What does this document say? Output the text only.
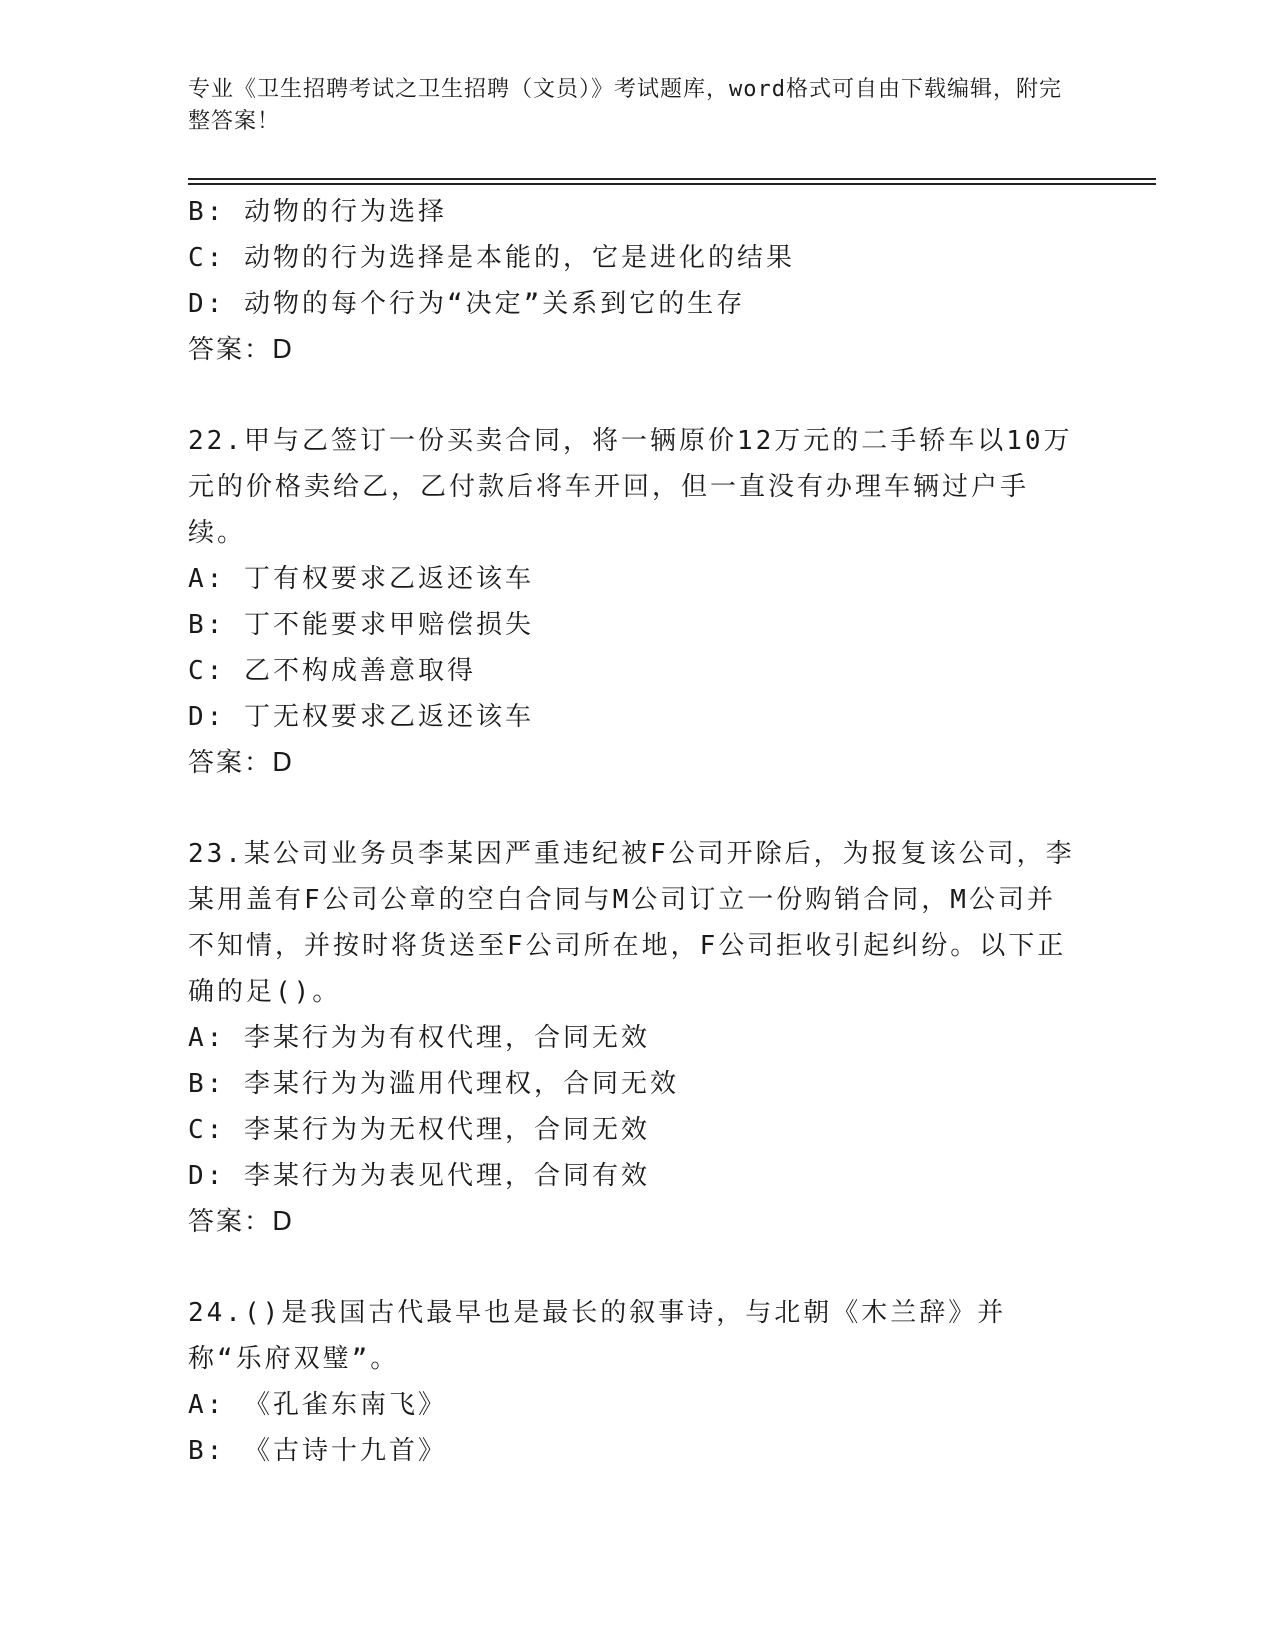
专业《卫生招聘考试之卫生招聘（文员）》考试题库，word格式可自由下载编辑，附完整答案！

B: 动物的行为选择

C: 动物的行为选择是本能的，它是进化的结果

D: 动物的每个行为“决定”关系到它的生存

答案：D

22.甲与乙签订一份买卖合同，将一辆原价12万元的二手轿车以10万元的价格卖给乙，乙付款后将车开回，但一直没有办理车辆过户手续。

A: 丁有权要求乙返还该车

B: 丁不能要求甲赔偿损失

C: 乙不构成善意取得

D: 丁无权要求乙返还该车

答案：D

23.某公司业务员李某因严重违纪被F公司开除后，为报复该公司，李某用盖有F公司公章的空白合同与M公司订立一份购销合同，M公司并不知情，并按时将货送至F公司所在地，F公司拒收引起纠纷。以下正确的足()。

A: 李某行为为有权代理，合同无效

B: 李某行为为滥用代理权，合同无效

C: 李某行为为无权代理，合同无效

D: 李某行为为表见代理，合同有效

答案：D

24.()是我国古代最早也是最长的叙事诗，与北朝《木兰辞》并称“乐府双璧”。

A: 《孔雀东南飞》

B: 《古诗十九首》
